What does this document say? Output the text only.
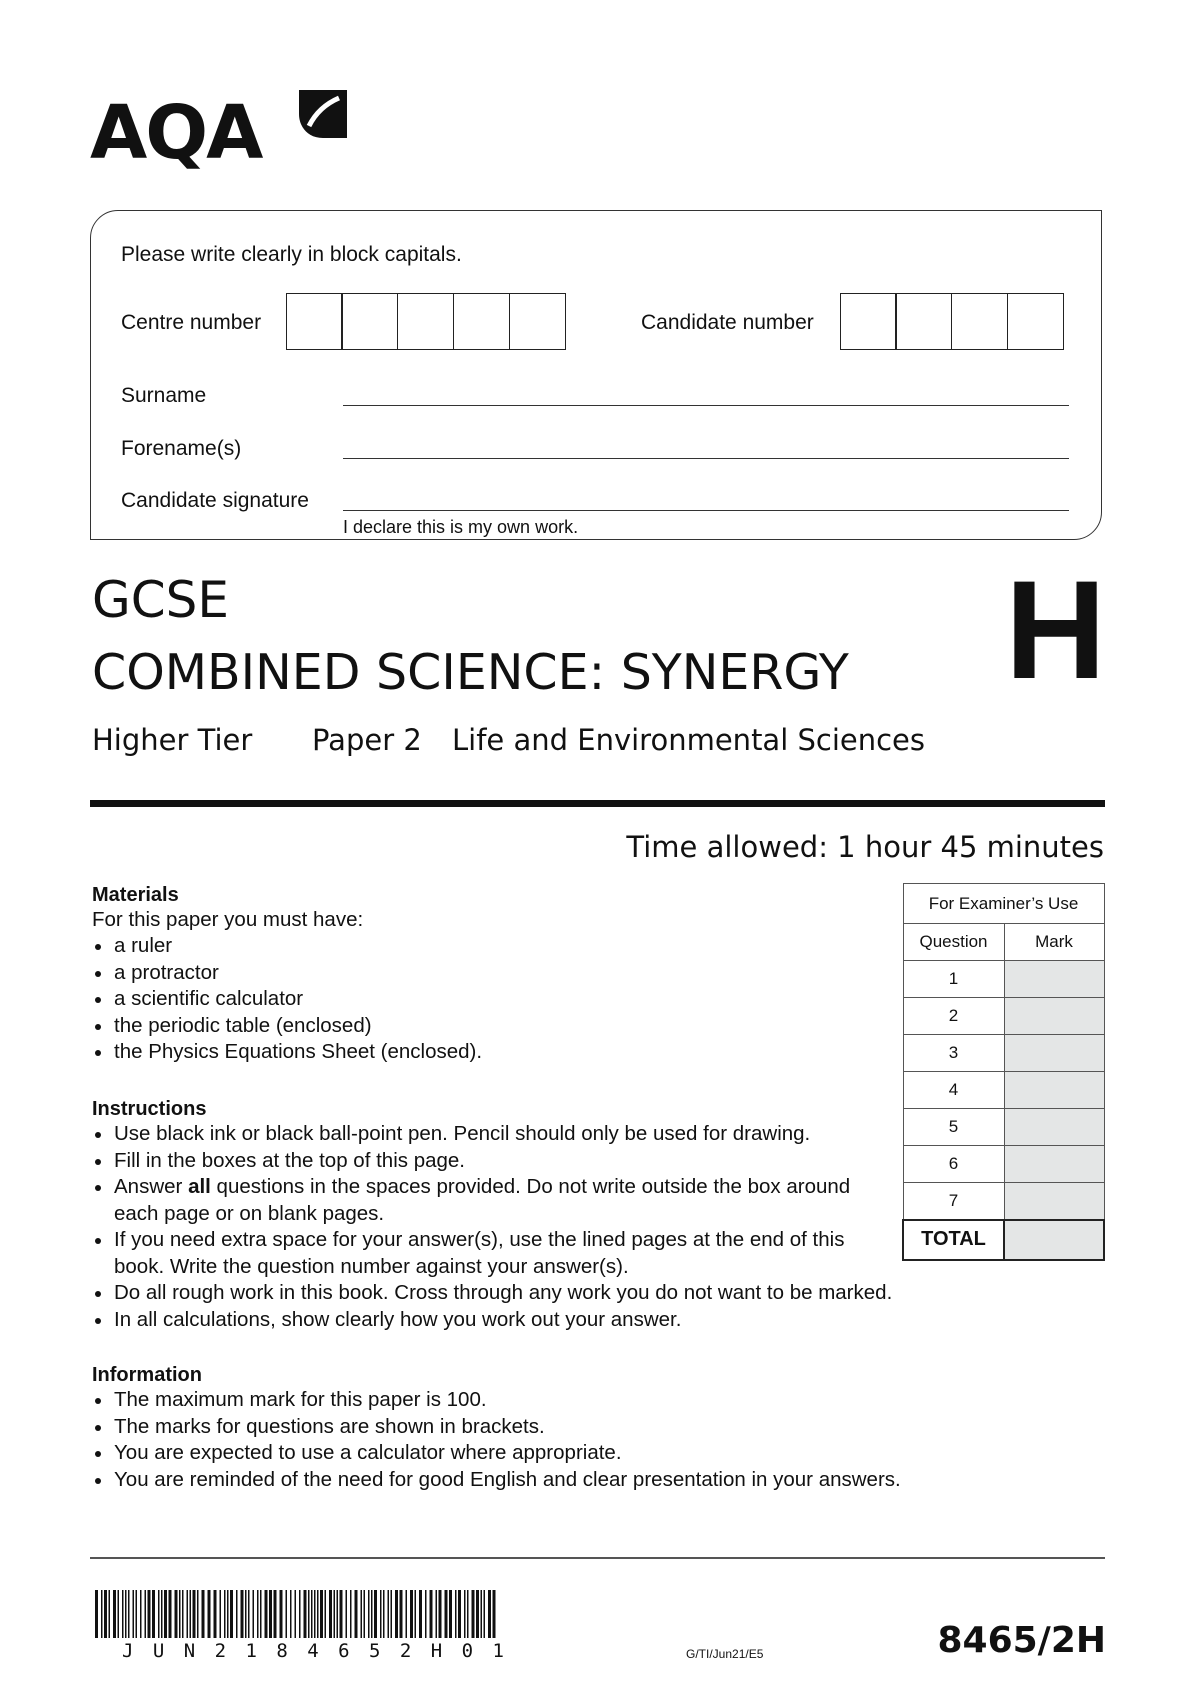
AQA
Please write clearly in block capitals.
Centre number	Candidate number
Surname
Forename(s)
Candidate signature
I declare this is my own work.
GCSE
COMBINED SCIENCE: SYNERGY
Higher Tier Paper 2 Life and Environmental Sciences
H
Time allowed: 1 hour 45 minutes
For Examiner’s Use	
Question	Mark
1	
2	
3	
4	
5	
6	
7	
TOTAL	
Materials
For this paper you must have:
a ruler
a protractor
a scientific calculator
the periodic table (enclosed)
the Physics Equations Sheet (enclosed).
Instructions
Use black ink or black ball-point pen. Pencil should only be used for drawing.
Fill in the boxes at the top of this page.
Answer all questions in the spaces provided. Do not write outside the box around each page or on blank pages.
If you need extra space for your answer(s), use the lined pages at the end of this book. Write the question number against your answer(s).
Do all rough work in this book. Cross through any work you do not want to be marked.
In all calculations, show clearly how you work out your answer.
Information
The maximum mark for this paper is 100.
The marks for questions are shown in brackets.
You are expected to use a calculator where appropriate.
You are reminded of the need for good English and clear presentation in your answers.
J U N 2 1 8 4 6 5 2 H 0 1	G/TI/Jun21/E5	8465/2H
